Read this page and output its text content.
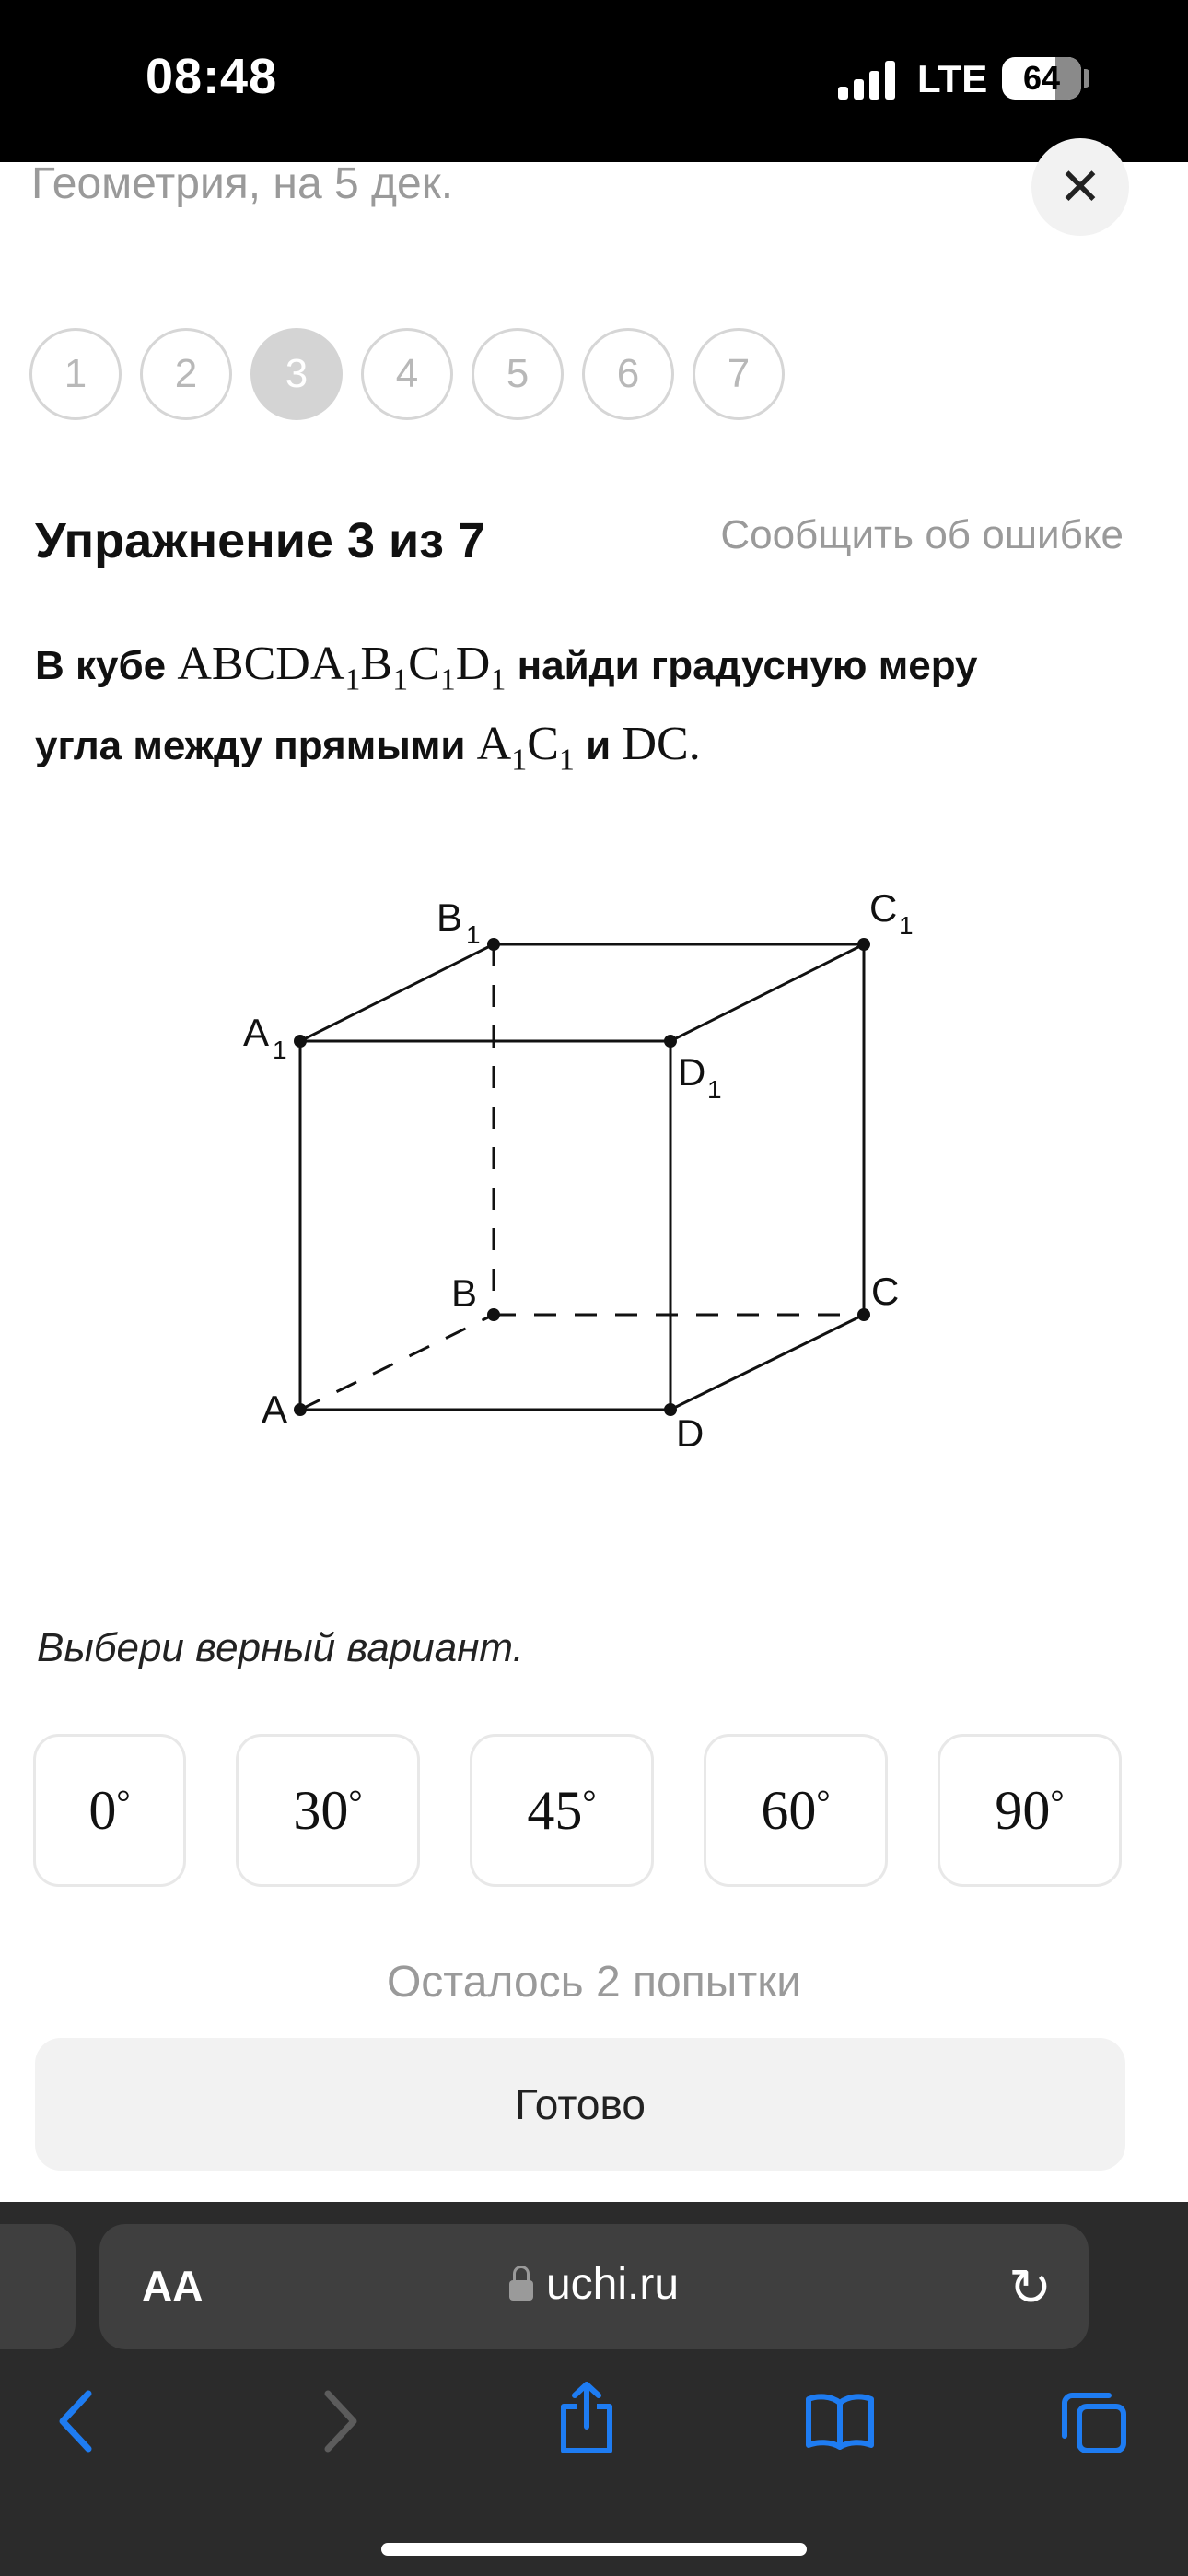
08:48	LTE	64
Геометрия, на 5 дек.	✕
1	2	3	4	5	6	7
Упражнение 3 из 7	Сообщить об ошибке
В кубе $ABCDA_1B_1C_1D_1$ найди градусную меру
угла между прямыми $A_1C_1$ и DC.
A 1
B 1
C 1
D 1
A
B	C
D
Выбери верный вариант.
0°	30°	45°	60°	90°
Осталось 2 попытки
Готово
AA	uchi.ru	↻
